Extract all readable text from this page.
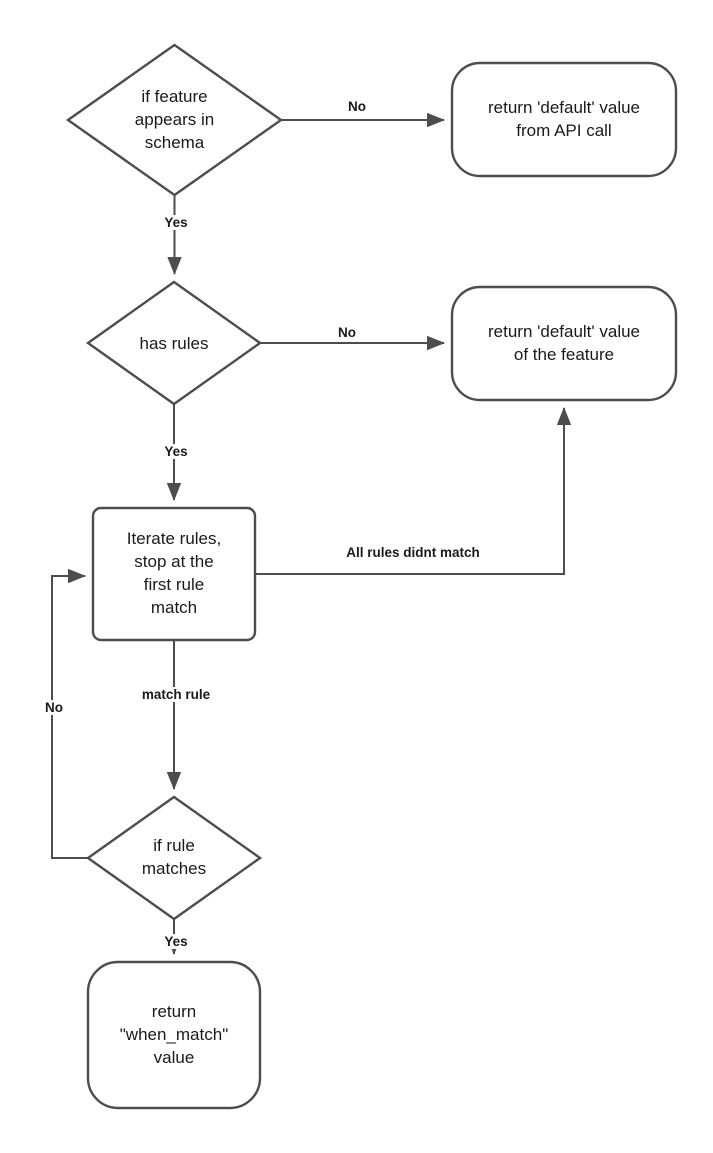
if feature
appears in
schema
return 'default' value
from API call
has rules
return 'default' value
of the feature
Iterate rules,
stop at the
first rule
match
if rule
matches
return
"when_match"
value
No
Yes
No
Yes
All rules didnt match
match rule
No
Yes
